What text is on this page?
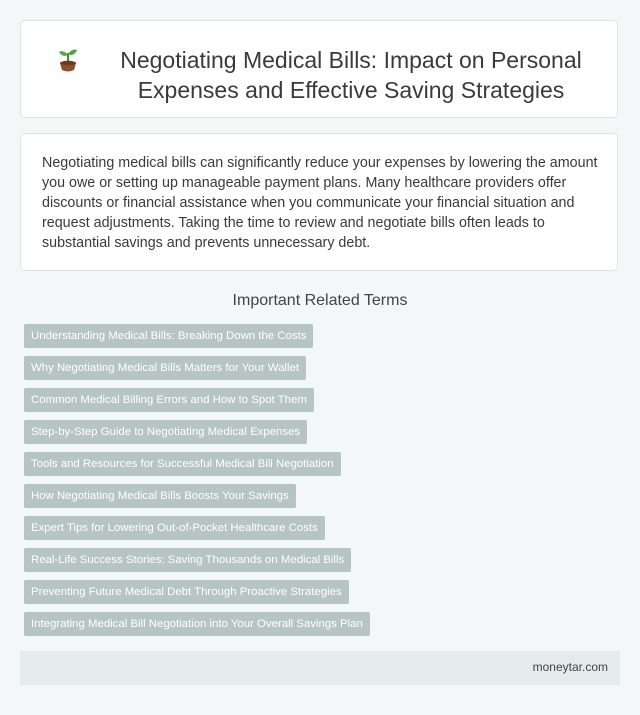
Negotiating Medical Bills: Impact on Personal Expenses and Effective Saving Strategies

Negotiating medical bills can significantly reduce your expenses by lowering the amount you owe or setting up manageable payment plans. Many healthcare providers offer discounts or financial assistance when you communicate your financial situation and request adjustments. Taking the time to review and negotiate bills often leads to substantial savings and prevents unnecessary debt.

Important Related Terms
Understanding Medical Bills: Breaking Down the Costs
Why Negotiating Medical Bills Matters for Your Wallet
Common Medical Billing Errors and How to Spot Them
Step-by-Step Guide to Negotiating Medical Expenses
Tools and Resources for Successful Medical Bill Negotiation
How Negotiating Medical Bills Boosts Your Savings
Expert Tips for Lowering Out-of-Pocket Healthcare Costs
Real-Life Success Stories: Saving Thousands on Medical Bills
Preventing Future Medical Debt Through Proactive Strategies
Integrating Medical Bill Negotiation into Your Overall Savings Plan
moneytar.com
